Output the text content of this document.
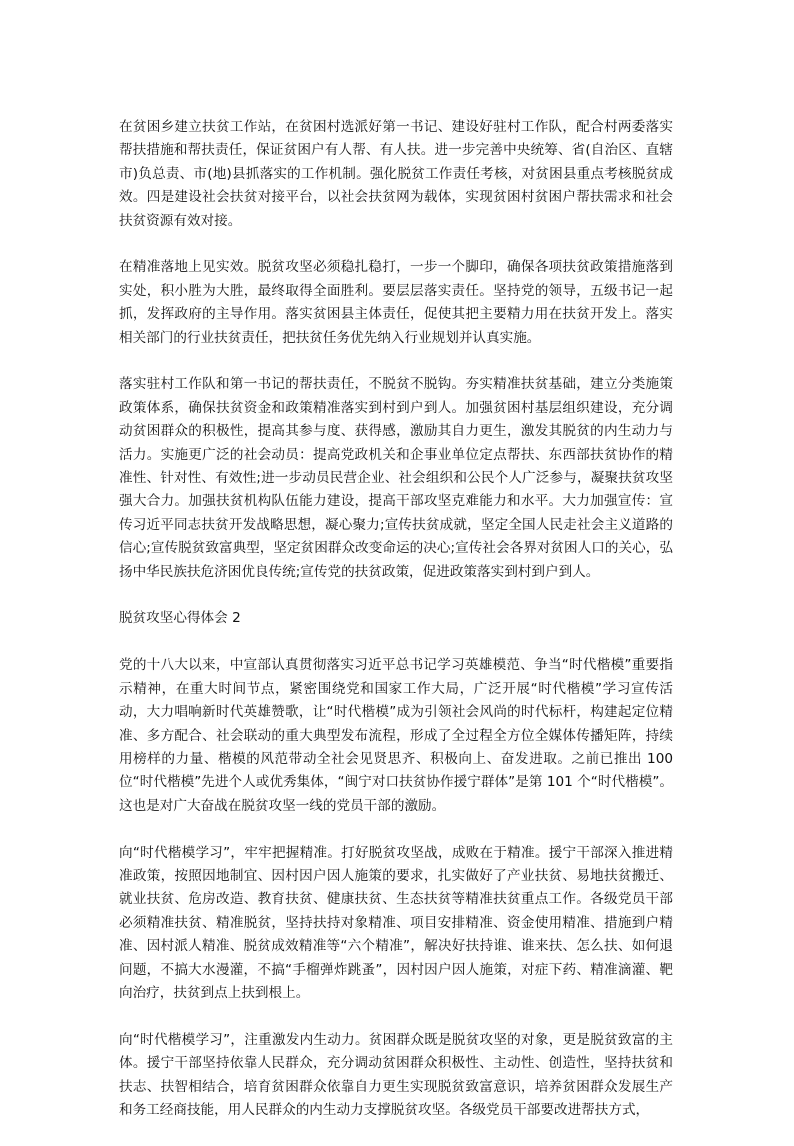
在贫困乡建立扶贫工作站，在贫困村选派好第一书记、建设好驻村工作队，配合村两委落实帮扶措施和帮扶责任，保证贫困户有人帮、有人扶。进一步完善中央统筹、省(自治区、直辖市)负总责、市(地)县抓落实的工作机制。强化脱贫工作责任考核，对贫困县重点考核脱贫成效。四是建设社会扶贫对接平台，以社会扶贫网为载体，实现贫困村贫困户帮扶需求和社会扶贫资源有效对接。

在精准落地上见实效。脱贫攻坚必须稳扎稳打，一步一个脚印，确保各项扶贫政策措施落到实处，积小胜为大胜，最终取得全面胜利。要层层落实责任。坚持党的领导，五级书记一起抓，发挥政府的主导作用。落实贫困县主体责任，促使其把主要精力用在扶贫开发上。落实相关部门的行业扶贫责任，把扶贫任务优先纳入行业规划并认真实施。

落实驻村工作队和第一书记的帮扶责任，不脱贫不脱钩。夯实精准扶贫基础，建立分类施策政策体系，确保扶贫资金和政策精准落实到村到户到人。加强贫困村基层组织建设，充分调动贫困群众的积极性，提高其参与度、获得感，激励其自力更生，激发其脱贫的内生动力与活力。实施更广泛的社会动员：提高党政机关和企事业单位定点帮扶、东西部扶贫协作的精准性、针对性、有效性;进一步动员民营企业、社会组织和公民个人广泛参与，凝聚扶贫攻坚强大合力。加强扶贫机构队伍能力建设，提高干部攻坚克难能力和水平。大力加强宣传：宣传习近平同志扶贫开发战略思想，凝心聚力;宣传扶贫成就，坚定全国人民走社会主义道路的信心;宣传脱贫致富典型，坚定贫困群众改变命运的决心;宣传社会各界对贫困人口的关心，弘扬中华民族扶危济困优良传统;宣传党的扶贫政策，促进政策落实到村到户到人。

脱贫攻坚心得体会 2

党的十八大以来，中宣部认真贯彻落实习近平总书记学习英雄模范、争当“时代楷模”重要指示精神，在重大时间节点，紧密围绕党和国家工作大局，广泛开展“时代楷模”学习宣传活动，大力唱响新时代英雄赞歌，让“时代楷模”成为引领社会风尚的时代标杆，构建起定位精准、多方配合、社会联动的重大典型发布流程，形成了全过程全方位全媒体传播矩阵，持续用榜样的力量、楷模的风范带动全社会见贤思齐、积极向上、奋发进取。之前已推出 100 位“时代楷模”先进个人或优秀集体，“闽宁对口扶贫协作援宁群体”是第 101 个“时代楷模”。这也是对广大奋战在脱贫攻坚一线的党员干部的激励。

向“时代楷模学习”，牢牢把握精准。打好脱贫攻坚战，成败在于精准。援宁干部深入推进精准政策，按照因地制宜、因村因户因人施策的要求，扎实做好了产业扶贫、易地扶贫搬迁、就业扶贫、危房改造、教育扶贫、健康扶贫、生态扶贫等精准扶贫重点工作。各级党员干部必须精准扶贫、精准脱贫，坚持扶持对象精准、项目安排精准、资金使用精准、措施到户精准、因村派人精准、脱贫成效精准等“六个精准”，解决好扶持谁、谁来扶、怎么扶、如何退问题，不搞大水漫灌，不搞“手榴弹炸跳蚤”，因村因户因人施策，对症下药、精准滴灌、靶向治疗，扶贫到点上扶到根上。

向“时代楷模学习”，注重激发内生动力。贫困群众既是脱贫攻坚的对象，更是脱贫致富的主体。援宁干部坚持依靠人民群众，充分调动贫困群众积极性、主动性、创造性，坚持扶贫和扶志、扶智相结合，培育贫困群众依靠自力更生实现脱贫致富意识，培养贫困群众发展生产和务工经商技能，用人民群众的内生动力支撑脱贫攻坚。各级党员干部要改进帮扶方式，
